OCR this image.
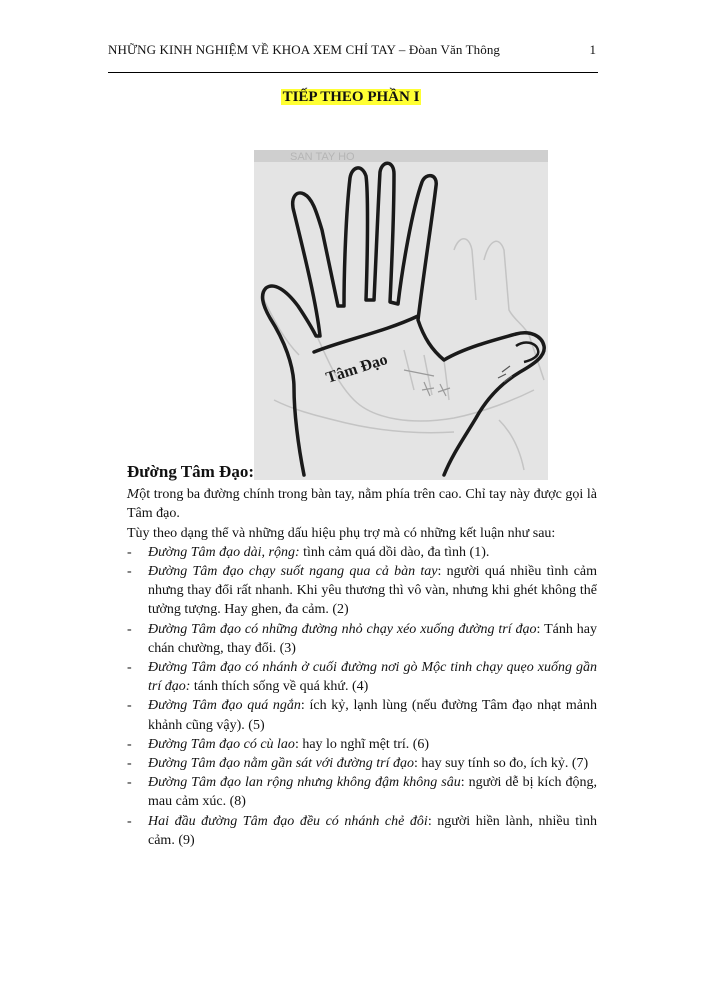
NHỮNG KINH NGHIỆM VỀ KHOA XEM CHỈ TAY – Đòan Văn Thông	1
TIẾP THEO PHẦN I
SAN TAY HO
Tâm Đạo
Đường Tâm Đạo:

Một trong ba đường chính trong bàn tay, nằm phía trên cao. Chỉ tay này được gọi là Tâm đạo.

Tùy theo dạng thể và những dấu hiệu phụ trợ mà có những kết luận như sau:

- Đường Tâm đạo dài, rộng: tình cảm quá dồi dào, đa tình (1).
- Đường Tâm đạo chạy suốt ngang qua cả bàn tay: người quá nhiều tình cảm nhưng thay đổi rất nhanh. Khi yêu thương thì vô vàn, nhưng khi ghét không thể tưởng tượng. Hay ghen, đa cảm. (2)
- Đường Tâm đạo có những đường nhỏ chạy xéo xuống đường trí đạo: Tánh hay chán chường, thay đổi. (3)
- Đường Tâm đạo có nhánh ở cuối đường nơi gò Mộc tinh chạy quẹo xuống gần trí đạo: tánh thích sống về quá khứ. (4)
- Đường Tâm đạo quá ngắn: ích kỷ, lạnh lùng (nếu đường Tâm đạo nhạt mảnh khảnh cũng vậy). (5)
- Đường Tâm đạo có cù lao: hay lo nghĩ mệt trí. (6)
- Đường Tâm đạo nằm gần sát với đường trí đạo: hay suy tính so đo, ích kỷ. (7)
- Đường Tâm đạo lan rộng nhưng không đậm không sâu: người dễ bị kích động, mau cảm xúc. (8)
- Hai đầu đường Tâm đạo đều có nhánh chẻ đôi: người hiền lành, nhiều tình cảm. (9)
